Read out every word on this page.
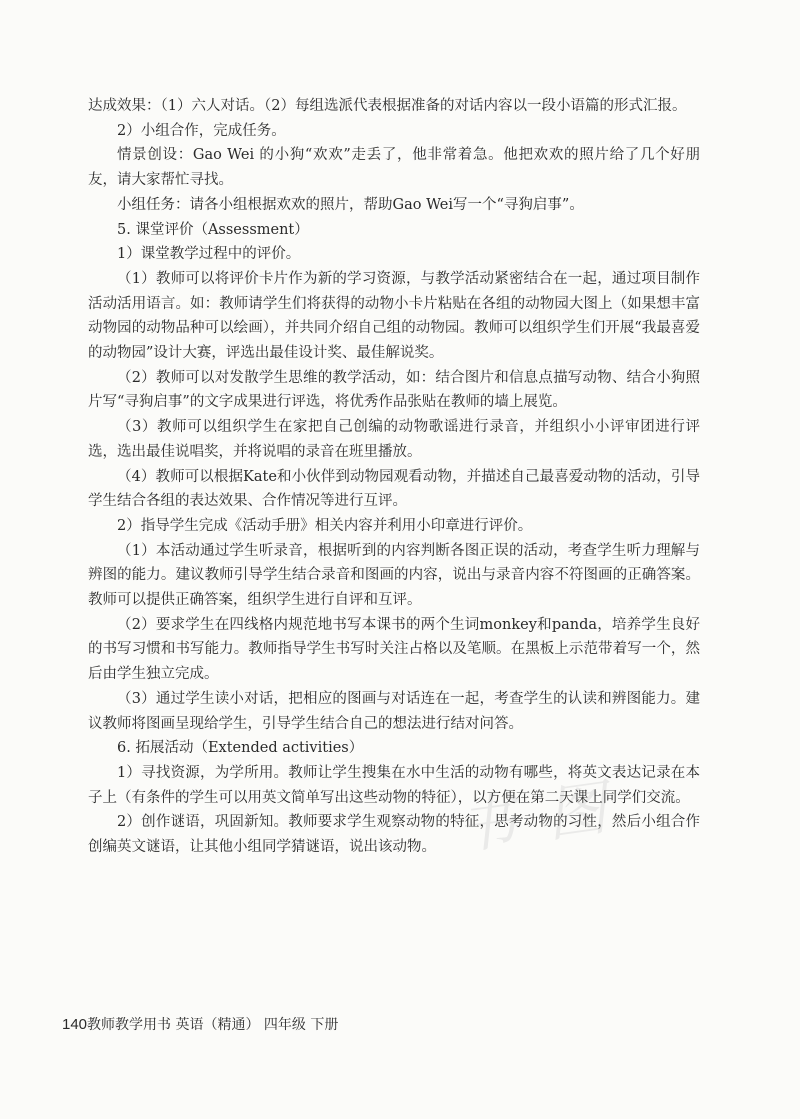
达成效果：（1）六人对话。（2）每组选派代表根据准备的对话内容以一段小语篇的形式汇报。

2）小组合作，完成任务。

情景创设：Gao Wei 的小狗“欢欢”走丢了，他非常着急。他把欢欢的照片给了几个好朋友，请大家帮忙寻找。

小组任务：请各小组根据欢欢的照片，帮助Gao Wei写一个“寻狗启事”。

5. 课堂评价（Assessment）

1）课堂教学过程中的评价。

（1）教师可以将评价卡片作为新的学习资源，与教学活动紧密结合在一起，通过项目制作活动活用语言。如：教师请学生们将获得的动物小卡片粘贴在各组的动物园大图上（如果想丰富动物园的动物品种可以绘画），并共同介绍自己组的动物园。教师可以组织学生们开展“我最喜爱的动物园”设计大赛，评选出最佳设计奖、最佳解说奖。

（2）教师可以对发散学生思维的教学活动，如：结合图片和信息点描写动物、结合小狗照片写“寻狗启事”的文字成果进行评选，将优秀作品张贴在教师的墙上展览。

（3）教师可以组织学生在家把自己创编的动物歌谣进行录音，并组织小小评审团进行评选，选出最佳说唱奖，并将说唱的录音在班里播放。

（4）教师可以根据Kate和小伙伴到动物园观看动物，并描述自己最喜爱动物的活动，引导学生结合各组的表达效果、合作情况等进行互评。

2）指导学生完成《活动手册》相关内容并利用小印章进行评价。

（1）本活动通过学生听录音，根据听到的内容判断各图正误的活动，考查学生听力理解与辨图的能力。建议教师引导学生结合录音和图画的内容，说出与录音内容不符图画的正确答案。教师可以提供正确答案，组织学生进行自评和互评。

（2）要求学生在四线格内规范地书写本课书的两个生词monkey和panda，培养学生良好的书写习惯和书写能力。教师指导学生书写时关注占格以及笔顺。在黑板上示范带着写一个，然后由学生独立完成。

（3）通过学生读小对话，把相应的图画与对话连在一起，考查学生的认读和辨图能力。建议教师将图画呈现给学生，引导学生结合自己的想法进行结对问答。

6. 拓展活动（Extended activities）

1）寻找资源，为学所用。教师让学生搜集在水中生活的动物有哪些，将英文表达记录在本子上（有条件的学生可以用英文简单写出这些动物的特征），以方便在第二天课上同学们交流。

2）创作谜语，巩固新知。教师要求学生观察动物的特征，思考动物的习性，然后小组合作创编英文谜语，让其他小组同学猜谜语，说出该动物。 书 图
140教师教学用书 英语（精通） 四年级 下册
